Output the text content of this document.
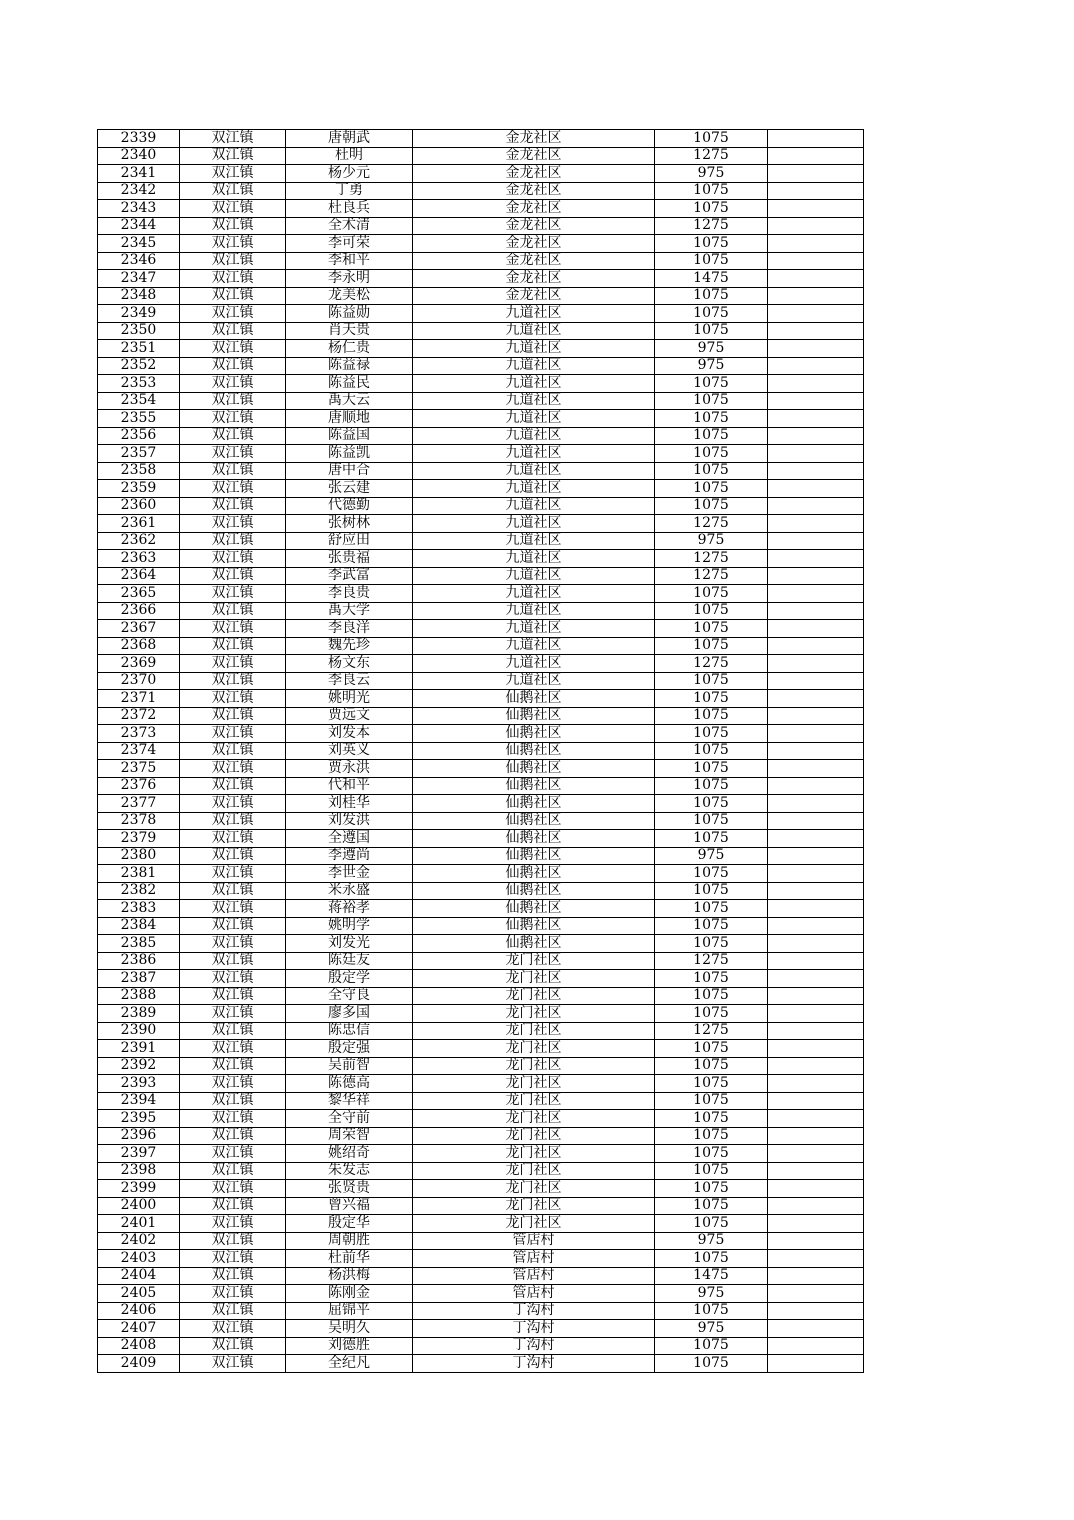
2339	双江镇	唐朝武	金龙社区	1075	
2340	双江镇	杜明	金龙社区	1275	
2341	双江镇	杨少元	金龙社区	975	
2342	双江镇	丁勇	金龙社区	1075	
2343	双江镇	杜良兵	金龙社区	1075	
2344	双江镇	全术清	金龙社区	1275	
2345	双江镇	李可荣	金龙社区	1075	
2346	双江镇	李和平	金龙社区	1075	
2347	双江镇	李永明	金龙社区	1475	
2348	双江镇	龙美松	金龙社区	1075	
2349	双江镇	陈益勋	九道社区	1075	
2350	双江镇	肖天贵	九道社区	1075	
2351	双江镇	杨仁贵	九道社区	975	
2352	双江镇	陈益禄	九道社区	975	
2353	双江镇	陈益民	九道社区	1075	
2354	双江镇	禹大云	九道社区	1075	
2355	双江镇	唐顺地	九道社区	1075	
2356	双江镇	陈益国	九道社区	1075	
2357	双江镇	陈益凯	九道社区	1075	
2358	双江镇	唐中合	九道社区	1075	
2359	双江镇	张云建	九道社区	1075	
2360	双江镇	代德勤	九道社区	1075	
2361	双江镇	张树林	九道社区	1275	
2362	双江镇	舒应田	九道社区	975	
2363	双江镇	张贵福	九道社区	1275	
2364	双江镇	李武富	九道社区	1275	
2365	双江镇	李良贵	九道社区	1075	
2366	双江镇	禹大学	九道社区	1075	
2367	双江镇	李良洋	九道社区	1075	
2368	双江镇	魏先珍	九道社区	1075	
2369	双江镇	杨文东	九道社区	1275	
2370	双江镇	李良云	九道社区	1075	
2371	双江镇	姚明光	仙鹅社区	1075	
2372	双江镇	贾远文	仙鹅社区	1075	
2373	双江镇	刘发本	仙鹅社区	1075	
2374	双江镇	刘英义	仙鹅社区	1075	
2375	双江镇	贾永洪	仙鹅社区	1075	
2376	双江镇	代和平	仙鹅社区	1075	
2377	双江镇	刘桂华	仙鹅社区	1075	
2378	双江镇	刘发洪	仙鹅社区	1075	
2379	双江镇	全遵国	仙鹅社区	1075	
2380	双江镇	李遵尚	仙鹅社区	975	
2381	双江镇	李世金	仙鹅社区	1075	
2382	双江镇	米永盛	仙鹅社区	1075	
2383	双江镇	蒋裕孝	仙鹅社区	1075	
2384	双江镇	姚明学	仙鹅社区	1075	
2385	双江镇	刘发光	仙鹅社区	1075	
2386	双江镇	陈廷友	龙门社区	1275	
2387	双江镇	殷定学	龙门社区	1075	
2388	双江镇	全守良	龙门社区	1075	
2389	双江镇	廖多国	龙门社区	1075	
2390	双江镇	陈忠信	龙门社区	1275	
2391	双江镇	殷定强	龙门社区	1075	
2392	双江镇	吴前智	龙门社区	1075	
2393	双江镇	陈德高	龙门社区	1075	
2394	双江镇	黎华祥	龙门社区	1075	
2395	双江镇	全守前	龙门社区	1075	
2396	双江镇	周荣智	龙门社区	1075	
2397	双江镇	姚绍奇	龙门社区	1075	
2398	双江镇	朱发志	龙门社区	1075	
2399	双江镇	张贤贵	龙门社区	1075	
2400	双江镇	曾兴福	龙门社区	1075	
2401	双江镇	殷定华	龙门社区	1075	
2402	双江镇	周朝胜	管店村	975	
2403	双江镇	杜前华	管店村	1075	
2404	双江镇	杨洪梅	管店村	1475	
2405	双江镇	陈刚金	管店村	975	
2406	双江镇	屈锦平	丁沟村	1075	
2407	双江镇	吴明久	丁沟村	975	
2408	双江镇	刘德胜	丁沟村	1075	
2409	双江镇	全纪凡	丁沟村	1075	
